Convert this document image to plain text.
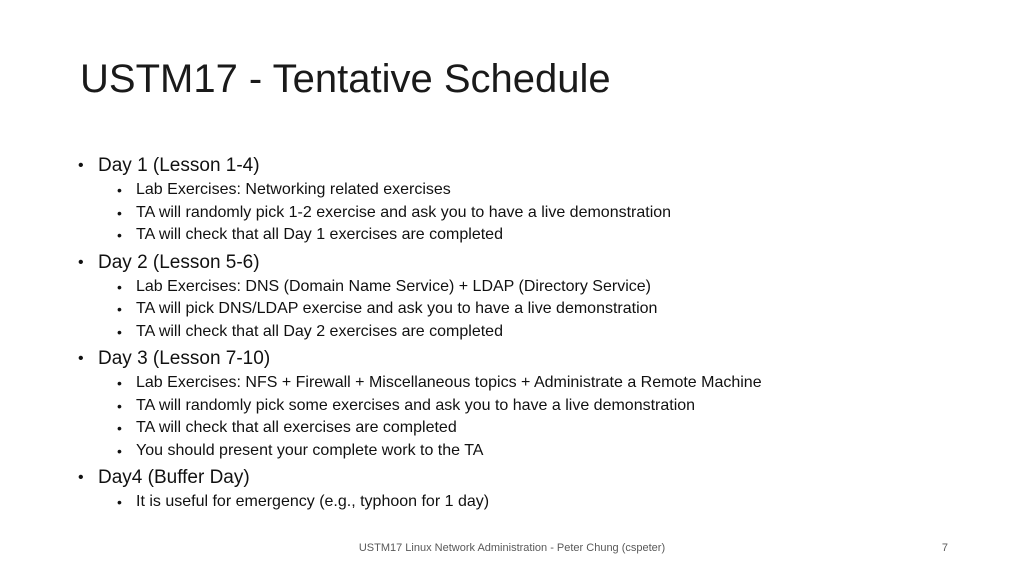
USTM17 - Tentative Schedule
• Day 1 (Lesson 1-4)
• Lab Exercises: Networking related exercises
• TA will randomly pick 1-2 exercise and ask you to have a live demonstration
• TA will check that all Day 1 exercises are completed
• Day 2 (Lesson 5-6)
• Lab Exercises: DNS (Domain Name Service) + LDAP (Directory Service)
• TA will pick DNS/LDAP exercise and ask you to have a live demonstration
• TA will check that all Day 2 exercises are completed
• Day 3 (Lesson 7-10)
• Lab Exercises: NFS + Firewall + Miscellaneous topics + Administrate a Remote Machine
• TA will randomly pick some exercises and ask you to have a live demonstration
• TA will check that all exercises are completed
• You should present your complete work to the TA
• Day4 (Buffer Day)
• It is useful for emergency (e.g., typhoon for 1 day)
USTM17 Linux Network Administration - Peter Chung (cspeter)	7
